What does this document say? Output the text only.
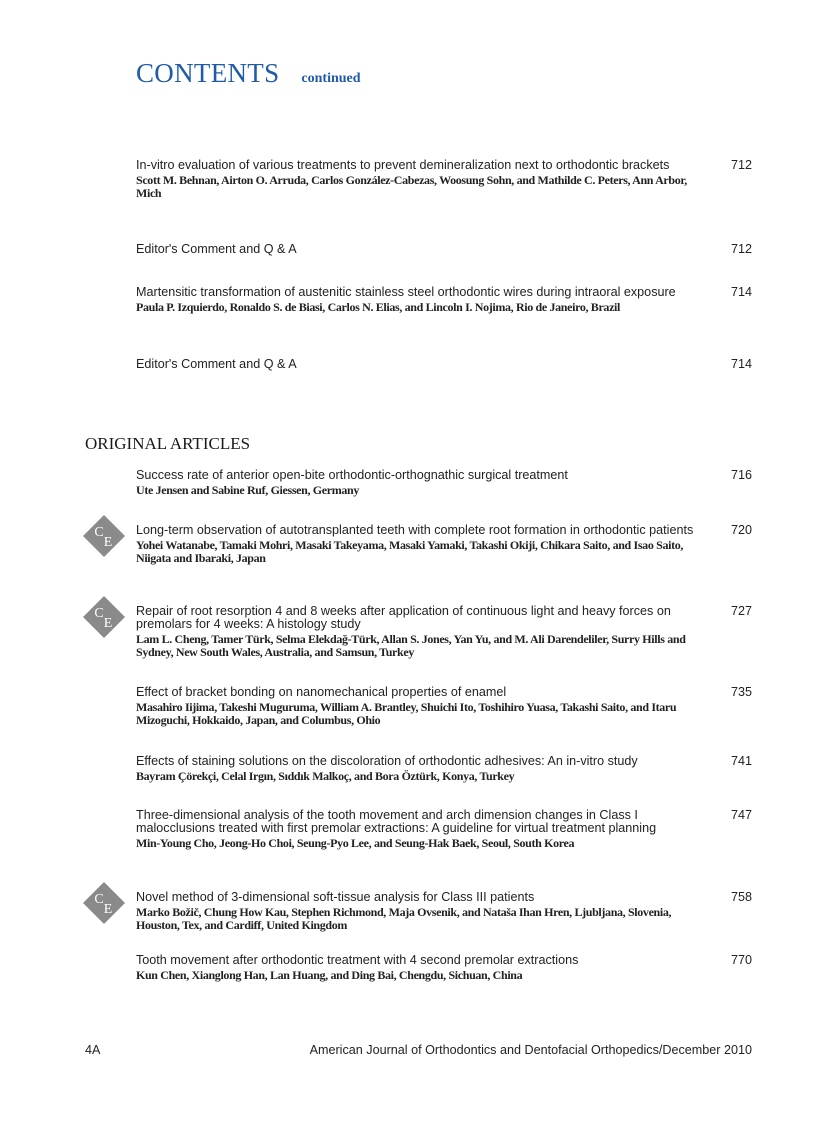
CONTENTS continued
ORIGINAL ARTICLES
In-vitro evaluation of various treatments to prevent demineralization next to orthodontic brackets
Scott M. Behnan, Airton O. Arruda, Carlos González-Cabezas, Woosung Sohn, and Mathilde C. Peters, Ann Arbor, Mich
712
Editor's Comment and Q & A	712
Martensitic transformation of austenitic stainless steel orthodontic wires during intraoral exposure
Paula P. Izquierdo, Ronaldo S. de Biasi, Carlos N. Elias, and Lincoln I. Nojima, Rio de Janeiro, Brazil
714
Editor's Comment and Q & A	714
Success rate of anterior open-bite orthodontic-orthognathic surgical treatment
Ute Jensen and Sabine Ruf, Giessen, Germany
716
C
E
Long-term observation of autotransplanted teeth with complete root formation in orthodontic patients
Yohei Watanabe, Tamaki Mohri, Masaki Takeyama, Masaki Yamaki, Takashi Okiji, Chikara Saito, and Isao Saito, Niigata and Ibaraki, Japan
720
C
E
Repair of root resorption 4 and 8 weeks after application of continuous light and heavy forces on premolars for 4 weeks: A histology study
Lam L. Cheng, Tamer Türk, Selma Elekdağ-Türk, Allan S. Jones, Yan Yu, and M. Ali Darendeliler, Surry Hills and Sydney, New South Wales, Australia, and Samsun, Turkey
727
Effect of bracket bonding on nanomechanical properties of enamel
Masahiro Iijima, Takeshi Muguruma, William A. Brantley, Shuichi Ito, Toshihiro Yuasa, Takashi Saito, and Itaru Mizoguchi, Hokkaido, Japan, and Columbus, Ohio
735
Effects of staining solutions on the discoloration of orthodontic adhesives: An in-vitro study
Bayram Çörekçi, Celal Irgın, Sıddık Malkoç, and Bora Öztürk, Konya, Turkey
741
Three-dimensional analysis of the tooth movement and arch dimension changes in Class I malocclusions treated with first premolar extractions: A guideline for virtual treatment planning
Min-Young Cho, Jeong-Ho Choi, Seung-Pyo Lee, and Seung-Hak Baek, Seoul, South Korea
747
C
E
Novel method of 3-dimensional soft-tissue analysis for Class III patients
Marko Božič, Chung How Kau, Stephen Richmond, Maja Ovsenik, and Nataša Ihan Hren, Ljubljana, Slovenia, Houston, Tex, and Cardiff, United Kingdom
758
Tooth movement after orthodontic treatment with 4 second premolar extractions
Kun Chen, Xianglong Han, Lan Huang, and Ding Bai, Chengdu, Sichuan, China
770
4A	American Journal of Orthodontics and Dentofacial Orthopedics/December 2010
